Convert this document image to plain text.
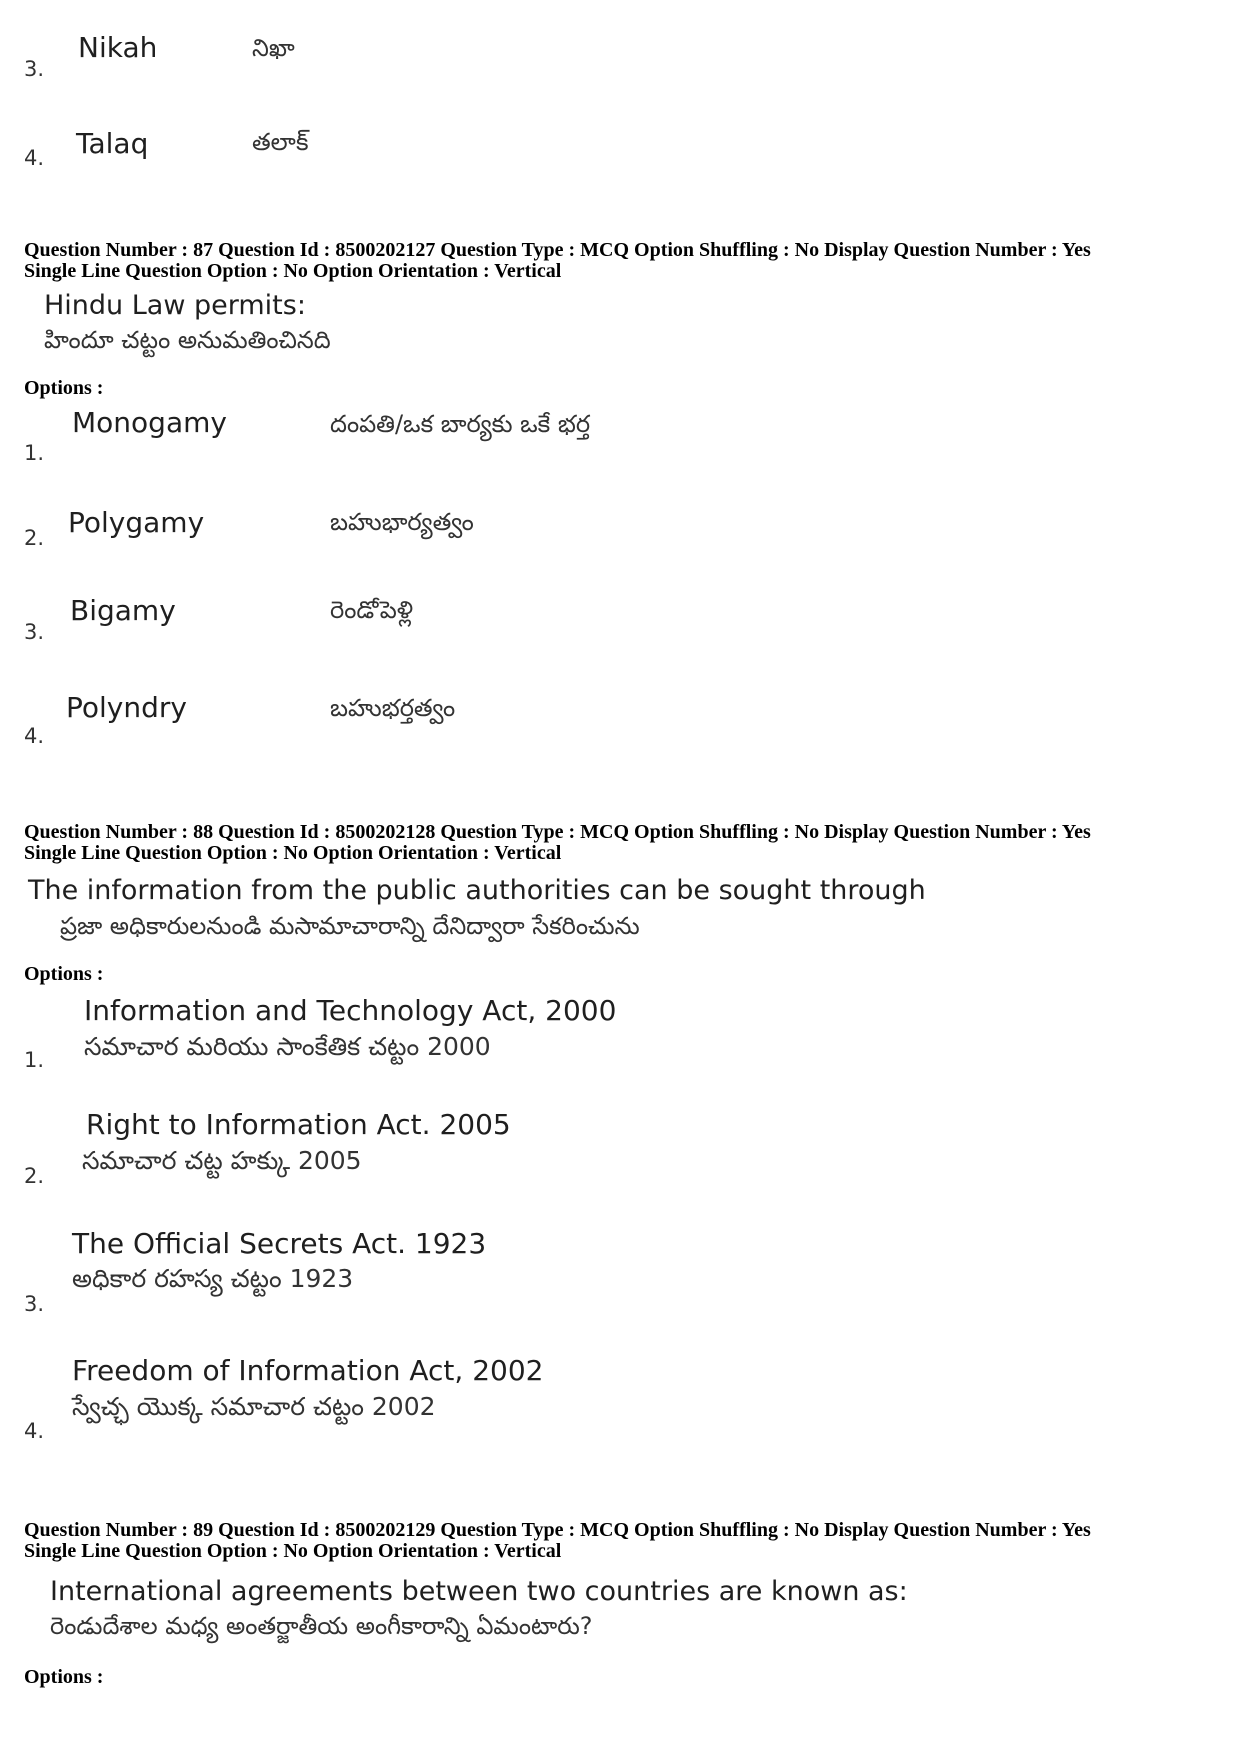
3.
Nikah	నిఖా
4. Talaq	తలాక్
Question Number : 87 Question Id : 8500202127 Question Type : MCQ Option Shuffling : No Display Question Number : Yes
Single Line Question Option : No Option Orientation : Vertical
Hindu Law permits:
హిందూ చట్టం అనుమతించినది
Options :
1.
Monogamy	దంపతి/ఒక బార్యకు ఒకే భర్త
2. Polygamy	బహుభార్యత్వం
3.
Bigamy	రెండోపెళ్లి
4.
Polyndry	బహుభర్తత్వం
Question Number : 88 Question Id : 8500202128 Question Type : MCQ Option Shuffling : No Display Question Number : Yes
Single Line Question Option : No Option Orientation : Vertical
The information from the public authorities can be sought through
ప్రజా అధికారులనుండి మసామాచారాన్ని దేనిద్వారా సేకరించును
Options :
1.
Information and Technology Act, 2000
సమాచార మరియు సాంకేతిక చట్టం 2000
2.
Right to Information Act. 2005
సమాచార చట్ట హక్కు 2005
3.
The Official Secrets Act. 1923
అధికార రహస్య చట్టం 1923
4.
Freedom of Information Act, 2002
స్వేచ్ఛ యొక్క సమాచార చట్టం 2002
Question Number : 89 Question Id : 8500202129 Question Type : MCQ Option Shuffling : No Display Question Number : Yes
Single Line Question Option : No Option Orientation : Vertical
International agreements between two countries are known as:
రెండుదేశాల మధ్య అంతర్జాతీయ అంగీకారాన్ని ఏమంటారు?
Options :
